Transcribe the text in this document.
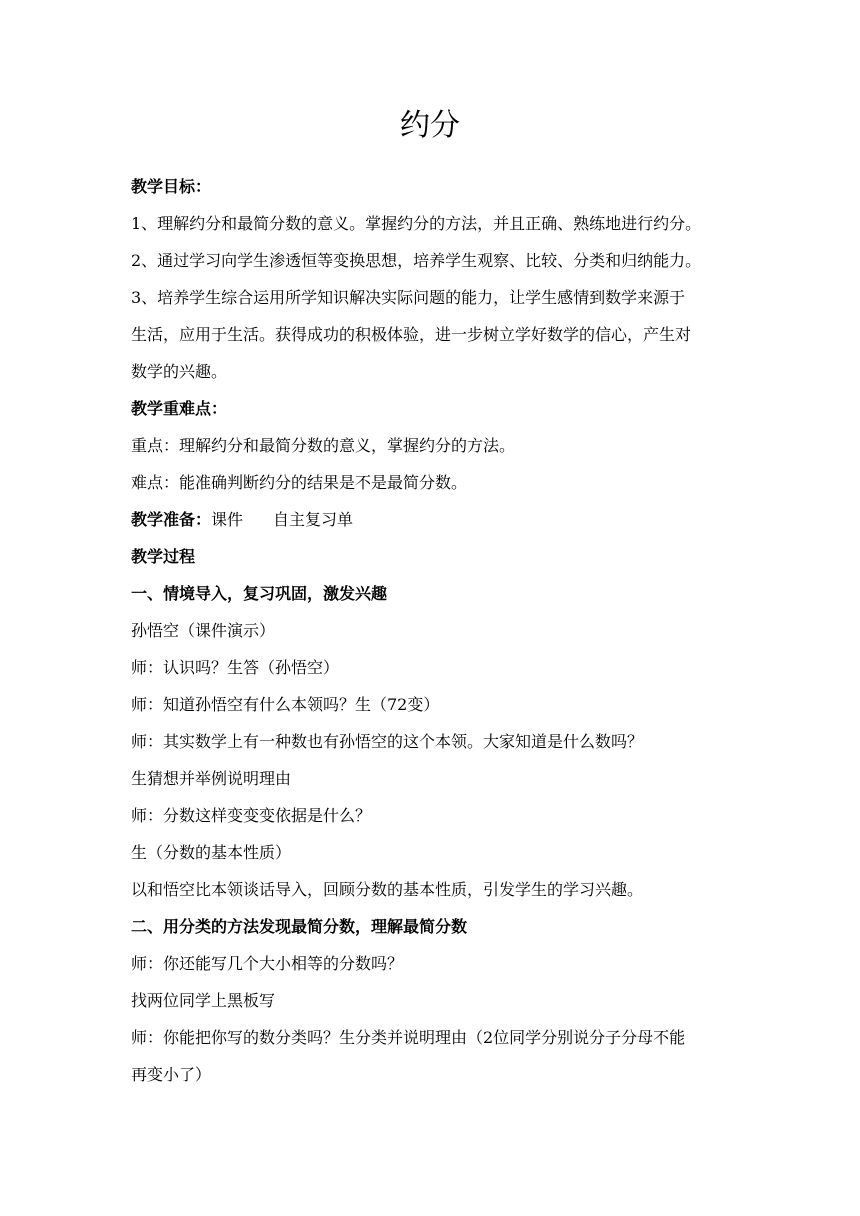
约分

教学目标：

1、理解约分和最简分数的意义。掌握约分的方法，并且正确、熟练地进行约分。

2、通过学习向学生渗透恒等变换思想，培养学生观察、比较、分类和归纳能力。

3、培养学生综合运用所学知识解决实际问题的能力，让学生感情到数学来源于

生活，应用于生活。获得成功的积极体验，进一步树立学好数学的信心，产生对

数学的兴趣。

教学重难点：

重点：理解约分和最简分数的意义，掌握约分的方法。

难点：能准确判断约分的结果是不是最简分数。

教学准备：课件 自主复习单

教学过程

一、情境导入，复习巩固，激发兴趣

孙悟空（课件演示）

师：认识吗？生答（孙悟空）

师：知道孙悟空有什么本领吗？生（72变）

师：其实数学上有一种数也有孙悟空的这个本领。大家知道是什么数吗？

生猜想并举例说明理由

师：分数这样变变变依据是什么？

生（分数的基本性质）

以和悟空比本领谈话导入，回顾分数的基本性质，引发学生的学习兴趣。

二、用分类的方法发现最简分数，理解最简分数

师：你还能写几个大小相等的分数吗？

找两位同学上黑板写

师：你能把你写的数分类吗？生分类并说明理由（2位同学分别说分子分母不能

再变小了）
